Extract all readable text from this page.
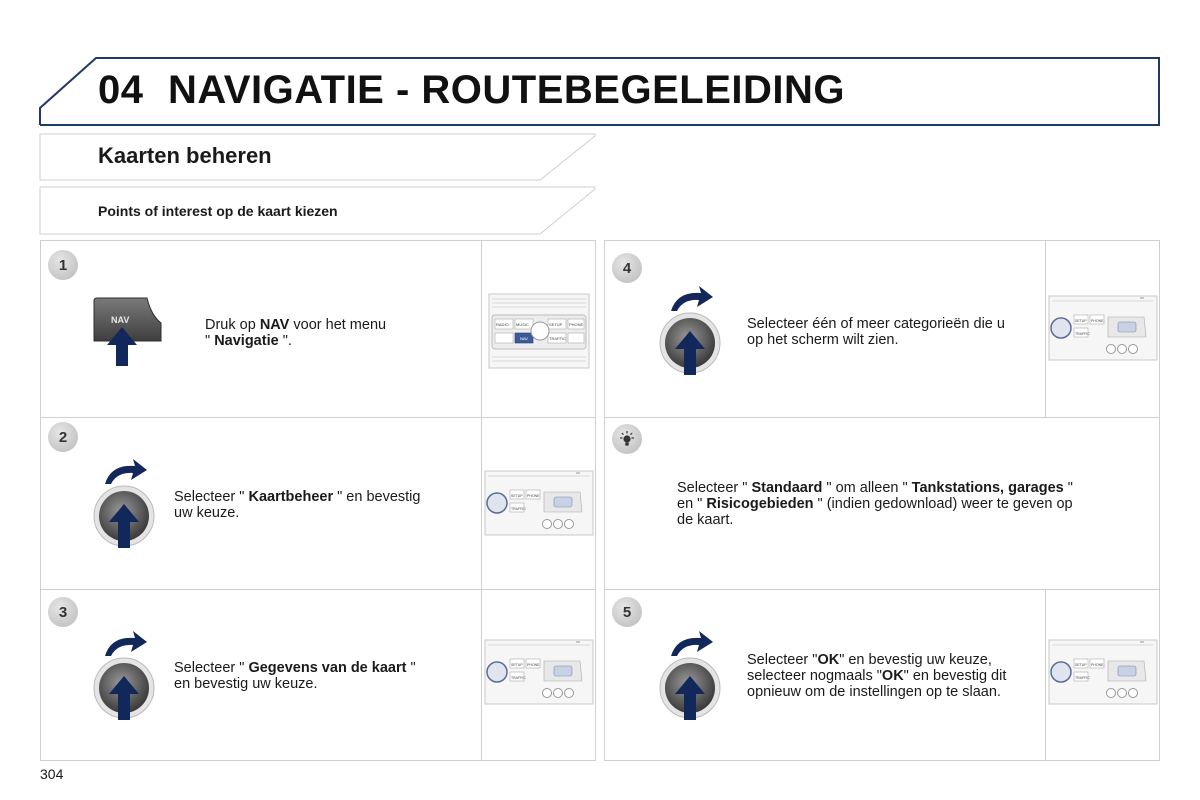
04 NAVIGATIE - ROUTEBEGELEIDING
Kaarten beheren
Points of interest op de kaart kiezen
1
NAV	Druk op NAV voor het menu
" Navigatie ".
RADIO MUSIC	SETUP PHONE
NAV	TRAFFIC
2
Selecteer " Kaartbeheer " en bevestig
uw keuze.
SETUP PHONE
TRAFFIC
3
Selecteer " Gegevens van de kaart "
en bevestig uw keuze.
SETUP PHONE
TRAFFIC
4
Selecteer één of meer categorieën die u
op het scherm wilt zien.
SETUP PHONE
TRAFFIC
Selecteer " Standaard " om alleen " Tankstations, garages "
en " Risicogebieden " (indien gedownload) weer te geven op
de kaart.
5
Selecteer "OK" en bevestig uw keuze,
selecteer nogmaals "OK" en bevestig dit
opnieuw om de instellingen op te slaan.
SETUP PHONE
TRAFFIC
304
